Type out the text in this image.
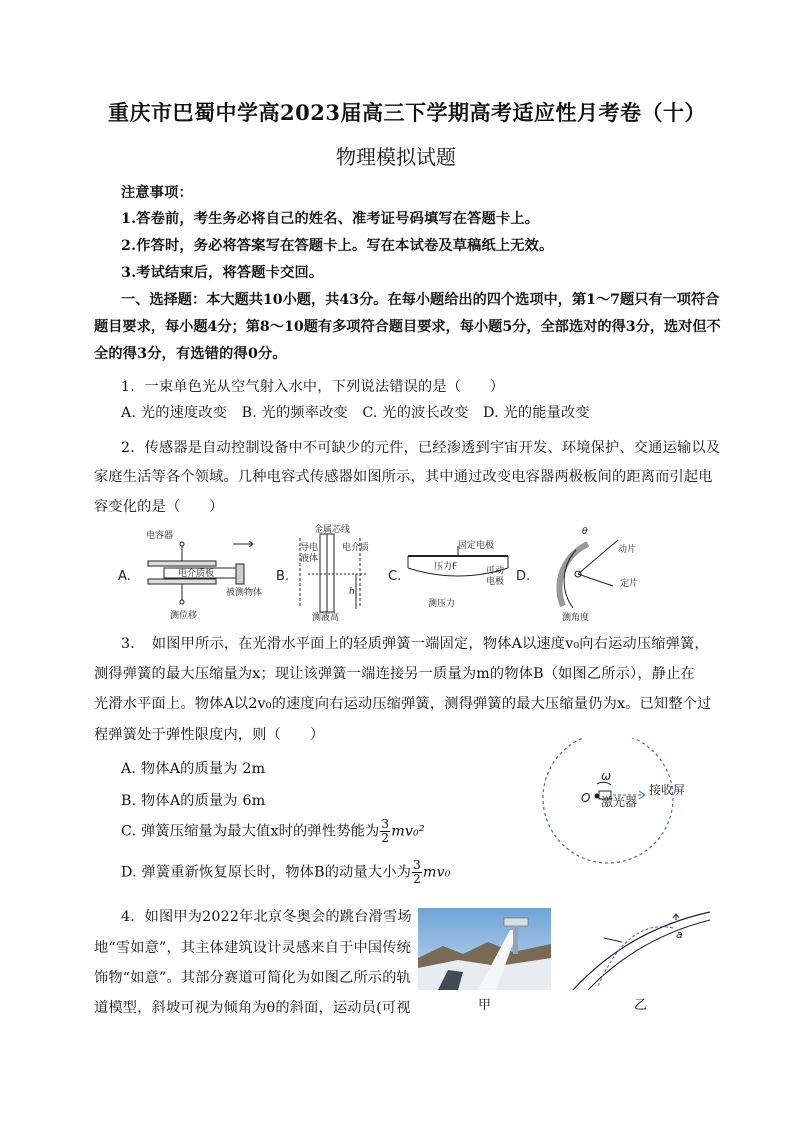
重庆市巴蜀中学高2023届高三下学期高考适应性月考卷（十）
物理模拟试题
注意事项：
1.答卷前，考生务必将自己的姓名、准考证号码填写在答题卡上。
2.作答时，务必将答案写在答题卡上。写在本试卷及草稿纸上无效。
3.考试结束后，将答题卡交回。
一、选择题：本大题共10小题，共43分。在每小题给出的四个选项中，第1～7题只有一项符合
题目要求，每小题4分；第8～10题有多项符合题目要求，每小题5分，全部选对的得3分，选对但不
全的得3分，有选错的得0分。
1．一束单色光从空气射入水中，下列说法错误的是（　　）
A. 光的速度改变　B. 光的频率改变　C. 光的波长改变　D. 光的能量改变
2．传感器是自动控制设备中不可缺少的元件，已经渗透到宇宙开发、环境保护、交通运输以及
家庭生活等各个领域。几种电容式传感器如图所示，其中通过改变电容器两极板间的距离而引起电
容变化的是（　　）
A.
电容器
电介质板
被测物体
测位移
B.
金属芯线
导电
液体
电介质
h
测液高
C.
固定电极
压力F	可动
电极
测压力
D.
θ
动片
定片
测角度
3．　如图甲所示，在光滑水平面上的轻质弹簧一端固定，物体A以速度v₀向右运动压缩弹簧，
测得弹簧的最大压缩量为x；现让该弹簧一端连接另一质量为m的物体B（如图乙所示），静止在
光滑水平面上。物体A以2v₀的速度向右运动压缩弹簧，测得弹簧的最大压缩量仍为x。已知整个过
程弹簧处于弹性限度内，则（　　）
A. 物体A的质量为 2m
B. 物体A的质量为 6m
C. 弹簧压缩量为最大值x时的弹性势能为 $\frac{3}{2} mv_0^2$
D. 弹簧重新恢复原长时，物体B的动量大小为 $\frac{3}{2} mv_0$
ω
O 激光器
接收屏
4．如图甲为2022年北京冬奥会的跳台滑雪场
地“雪如意”，其主体建筑设计灵感来自于中国传统
饰物“如意”。其部分赛道可简化为如图乙所示的轨
道模型，斜坡可视为倾角为θ的斜面，运动员(可视	甲
a
乙
